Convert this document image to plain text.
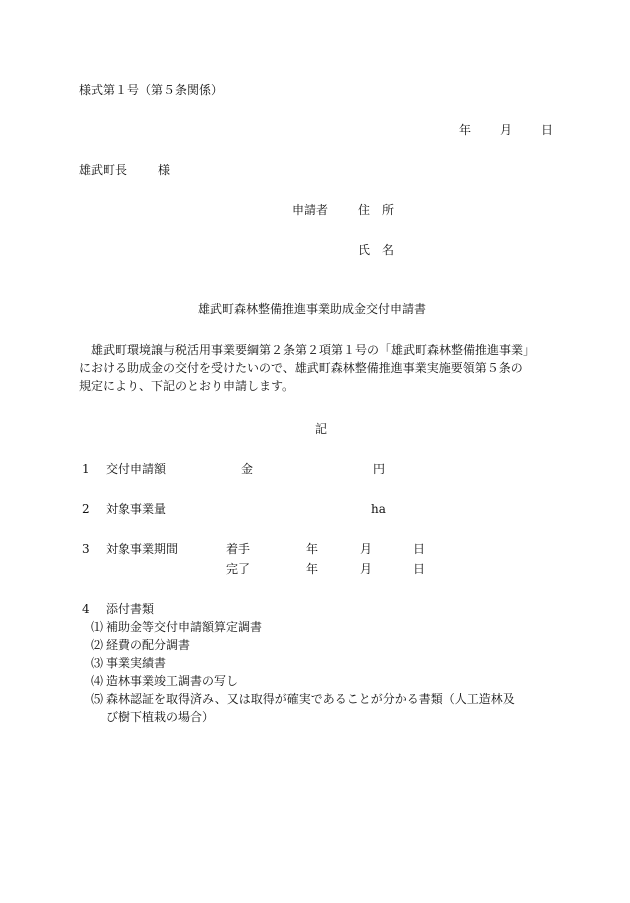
様式第１号（第５条関係）
年 月 日
雄武町長	様
申請者 住　所
氏　名
雄武町森林整備推進事業助成金交付申請書
雄武町環境譲与税活用事業要綱第２条第２項第１号の「雄武町森林整備推進事業」
における助成金の交付を受けたいので、雄武町森林整備推進事業実施要領第５条の
規定により、下記のとおり申請します。
記
1 交付申請額	金	円
2 対象事業量	ha
3 対象事業期間	着手	年	月	日
完了	年	月	日
4 添付書類
⑴ 補助金等交付申請額算定調書
⑵ 経費の配分調書
⑶ 事業実績書
⑷ 造林事業竣工調書の写し
⑸ 森林認証を取得済み、又は取得が確実であることが分かる書類（人工造林及
び樹下植栽の場合）
